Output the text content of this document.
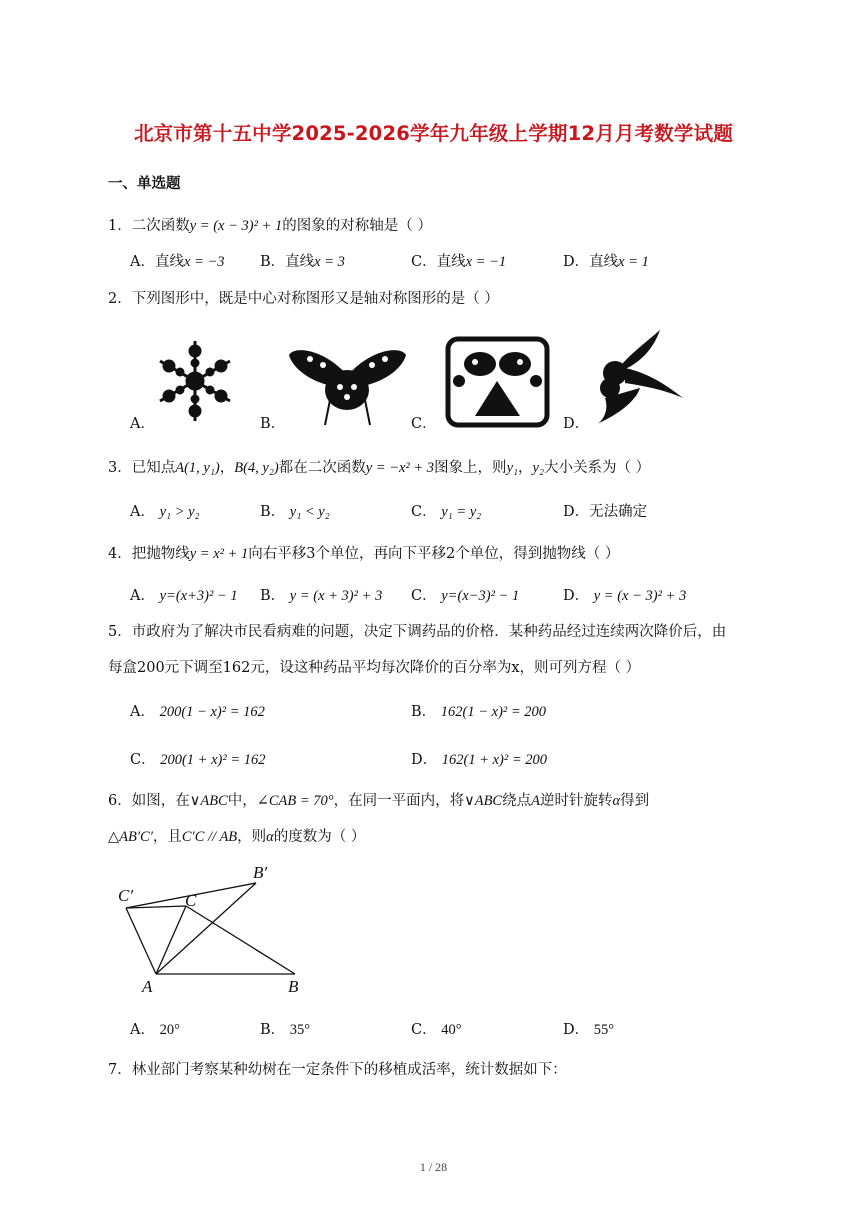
北京市第十五中学2025-2026学年九年级上学期12月月考数学试题
一、单选题
1．二次函数y = (x − 3)² + 1的图象的对称轴是（ ）
A．直线x = −3 B．直线x = 3	C．直线x = −1	D．直线x = 1
2．下列图形中，既是中心对称图形又是轴对称图形的是（ ）
A．	B．	C．	D．
3．已知点A(1, y₁)，B(4, y₂)都在二次函数y = −x² + 3图象上，则y₁，y₂大小关系为（ ）
A． y₁ > y₂	B． y₁ < y₂	C． y₁ = y₂	D．无法确定
4．把抛物线y = x² + 1向右平移3个单位，再向下平移2个单位，得到抛物线（ ）
A． y=(x+3)² − 1 B． y = (x + 3)² + 3 C． y=(x−3)² − 1	D． y = (x − 3)² + 3
5．市政府为了解决市民看病难的问题，决定下调药品的价格．某种药品经过连续两次降价后，由
每盒200元下调至162元，设这种药品平均每次降价的百分率为x，则可列方程（ ）
A． 200(1 − x)² = 162	B． 162(1 − x)² = 200
C． 200(1 + x)² = 162	D． 162(1 + x)² = 200
6．如图，在∨ABC中，∠CAB = 70°，在同一平面内，将∨ABC绕点A逆时针旋转α得到
△AB′C′，且C′C // AB，则α的度数为（ ）
C′	C
B′
A	B
A． 20°	B． 35°	C． 40°	D． 55°
7．林业部门考察某种幼树在一定条件下的移植成活率，统计数据如下：
1 / 28
